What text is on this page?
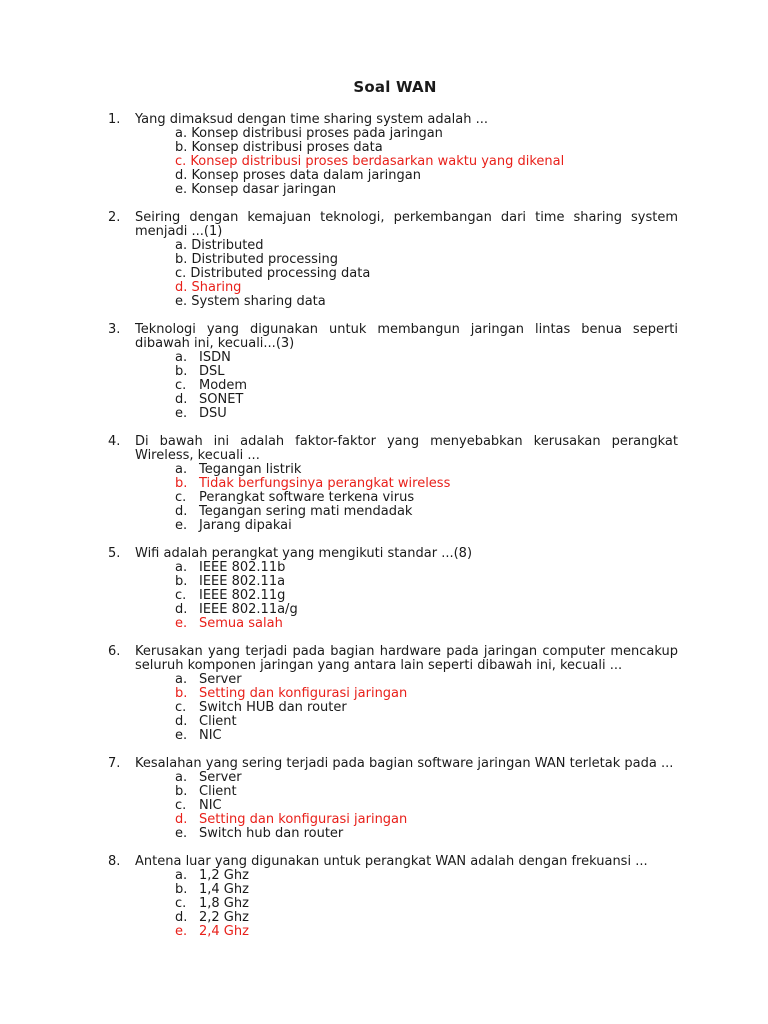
Soal WAN
1.	Yang dimaksud dengan time sharing system adalah ...
a. Konsep distribusi proses pada jaringan
b. Konsep distribusi proses data
c. Konsep distribusi proses berdasarkan waktu yang dikenal
d. Konsep proses data dalam jaringan
e. Konsep dasar jaringan
2.	Seiring dengan kemajuan teknologi, perkembangan dari time sharing system menjadi ...(1)
a. Distributed
b. Distributed processing
c. Distributed processing data
d. Sharing
e. System sharing data
3.	Teknologi yang digunakan untuk membangun jaringan lintas benua seperti dibawah ini, kecuali...(3)
a. ISDN
b. DSL
c. Modem
d. SONET
e. DSU
4.	Di bawah ini adalah faktor-faktor yang menyebabkan kerusakan perangkat Wireless, kecuali ...
a. Tegangan listrik
b. Tidak berfungsinya perangkat wireless
c. Perangkat software terkena virus
d. Tegangan sering mati mendadak
e. Jarang dipakai
5.	Wifi adalah perangkat yang mengikuti standar ...(8)
a. IEEE 802.11b
b. IEEE 802.11a
c. IEEE 802.11g
d. IEEE 802.11a/g
e. Semua salah
6.	Kerusakan yang terjadi pada bagian hardware pada jaringan computer mencakup seluruh komponen jaringan yang antara lain seperti dibawah ini, kecuali ...
a. Server
b. Setting dan konfigurasi jaringan
c. Switch HUB dan router
d. Client
e. NIC
7.	Kesalahan yang sering terjadi pada bagian software jaringan WAN terletak pada ...
a. Server
b. Client
c. NIC
d. Setting dan konfigurasi jaringan
e. Switch hub dan router
8.	Antena luar yang digunakan untuk perangkat WAN adalah dengan frekuansi ...
a. 1,2 Ghz
b. 1,4 Ghz
c. 1,8 Ghz
d. 2,2 Ghz
e. 2,4 Ghz
